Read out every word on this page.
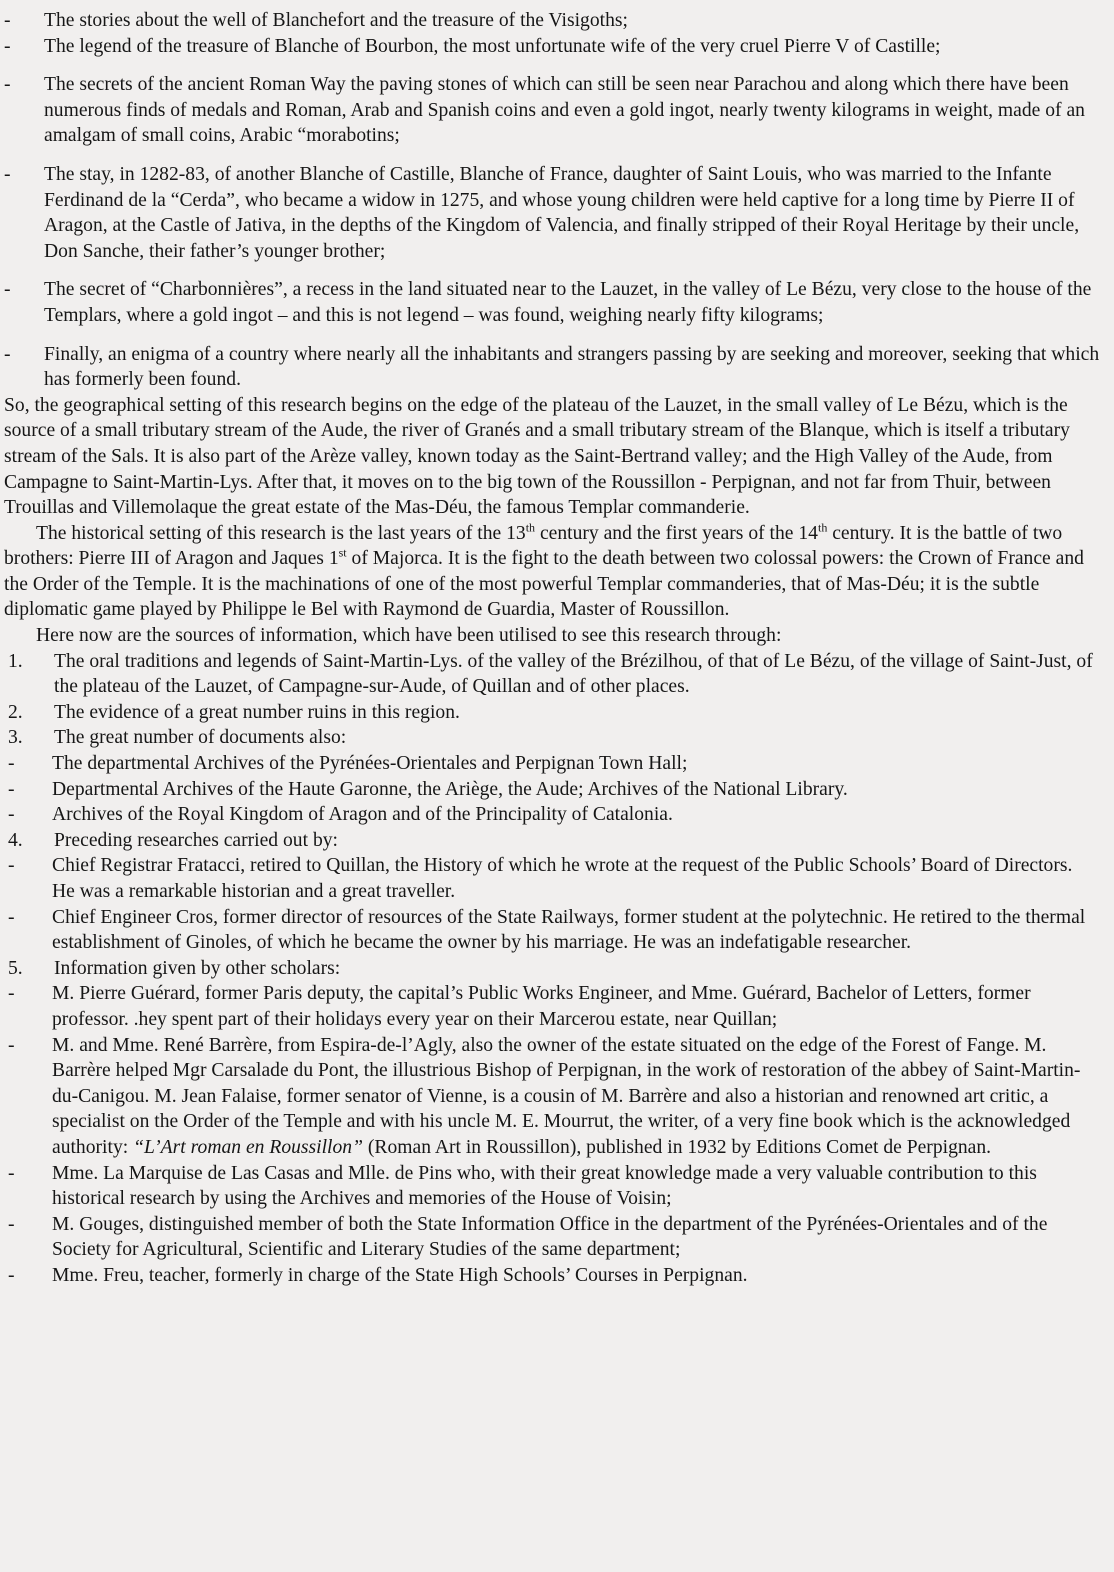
- The stories about the well of Blanchefort and the treasure of the Visigoths;
- The legend of the treasure of Blanche of Bourbon, the most unfortunate wife of the very cruel Pierre V of Castille;
- The secrets of the ancient Roman Way the paving stones of which can still be seen near Parachou and along which there have been numerous finds of medals and Roman, Arab and Spanish coins and even a gold ingot, nearly twenty kilograms in weight, made of an amalgam of small coins, Arabic “morabotins;
- The stay, in 1282-83, of another Blanche of Castille, Blanche of France, daughter of Saint Louis, who was married to the Infante Ferdinand de la “Cerda”, who became a widow in 1275, and whose young children were held captive for a long time by Pierre II of Aragon, at the Castle of Jativa, in the depths of the Kingdom of Valencia, and finally stripped of their Royal Heritage by their uncle, Don Sanche, their father’s younger brother;
- The secret of “Charbonnières”, a recess in the land situated near to the Lauzet, in the valley of Le Bézu, very close to the house of the Templars, where a gold ingot – and this is not legend – was found, weighing nearly fifty kilograms;
- Finally, an enigma of a country where nearly all the inhabitants and strangers passing by are seeking and moreover, seeking that which has formerly been found.

So, the geographical setting of this research begins on the edge of the plateau of the Lauzet, in the small valley of Le Bézu, which is the source of a small tributary stream of the Aude, the river of Granés and a small tributary stream of the Blanque, which is itself a tributary stream of the Sals. It is also part of the Arèze valley, known today as the Saint-Bertrand valley; and the High Valley of the Aude, from Campagne to Saint-Martin-Lys. After that, it moves on to the big town of the Roussillon - Perpignan, and not far from Thuir, between Trouillas and Villemolaque the great estate of the Mas-Déu, the famous Templar commanderie.

The historical setting of this research is the last years of the 13th century and the first years of the 14th century. It is the battle of two brothers: Pierre III of Aragon and Jaques 1st of Majorca. It is the fight to the death between two colossal powers: the Crown of France and the Order of the Temple. It is the machinations of one of the most powerful Templar commanderies, that of Mas-Déu; it is the subtle diplomatic game played by Philippe le Bel with Raymond de Guardia, Master of Roussillon.

Here now are the sources of information, which have been utilised to see this research through:

1. The oral traditions and legends of Saint-Martin-Lys. of the valley of the Brézilhou, of that of Le Bézu, of the village of Saint-Just, of the plateau of the Lauzet, of Campagne-sur-Aude, of Quillan and of other places.
2. The evidence of a great number ruins in this region.
3. The great number of documents also:
- The departmental Archives of the Pyrénées-Orientales and Perpignan Town Hall;
- Departmental Archives of the Haute Garonne, the Ariège, the Aude; Archives of the National Library.
- Archives of the Royal Kingdom of Aragon and of the Principality of Catalonia.
4. Preceding researches carried out by:
- Chief Registrar Fratacci, retired to Quillan, the History of which he wrote at the request of the Public Schools’ Board of Directors. He was a remarkable historian and a great traveller.
- Chief Engineer Cros, former director of resources of the State Railways, former student at the polytechnic. He retired to the thermal establishment of Ginoles, of which he became the owner by his marriage. He was an indefatigable researcher.
5. Information given by other scholars:
- M. Pierre Guérard, former Paris deputy, the capital’s Public Works Engineer, and Mme. Guérard, Bachelor of Letters, former professor. .hey spent part of their holidays every year on their Marcerou estate, near Quillan;
- M. and Mme. René Barrère, from Espira-de-l’Agly, also the owner of the estate situated on the edge of the Forest of Fange. M. Barrère helped Mgr Carsalade du Pont, the illustrious Bishop of Perpignan, in the work of restoration of the abbey of Saint-Martin-du-Canigou. M. Jean Falaise, former senator of Vienne, is a cousin of M. Barrère and also a historian and renowned art critic, a specialist on the Order of the Temple and with his uncle M. E. Mourrut, the writer, of a very fine book which is the acknowledged authority: “L’Art roman en Roussillon” (Roman Art in Roussillon), published in 1932 by Editions Comet de Perpignan.
- Mme. La Marquise de Las Casas and Mlle. de Pins who, with their great knowledge made a very valuable contribution to this historical research by using the Archives and memories of the House of Voisin;
- M. Gouges, distinguished member of both the State Information Office in the department of the Pyrénées-Orientales and of the Society for Agricultural, Scientific and Literary Studies of the same department;
- Mme. Freu, teacher, formerly in charge of the State High Schools’ Courses in Perpignan.
